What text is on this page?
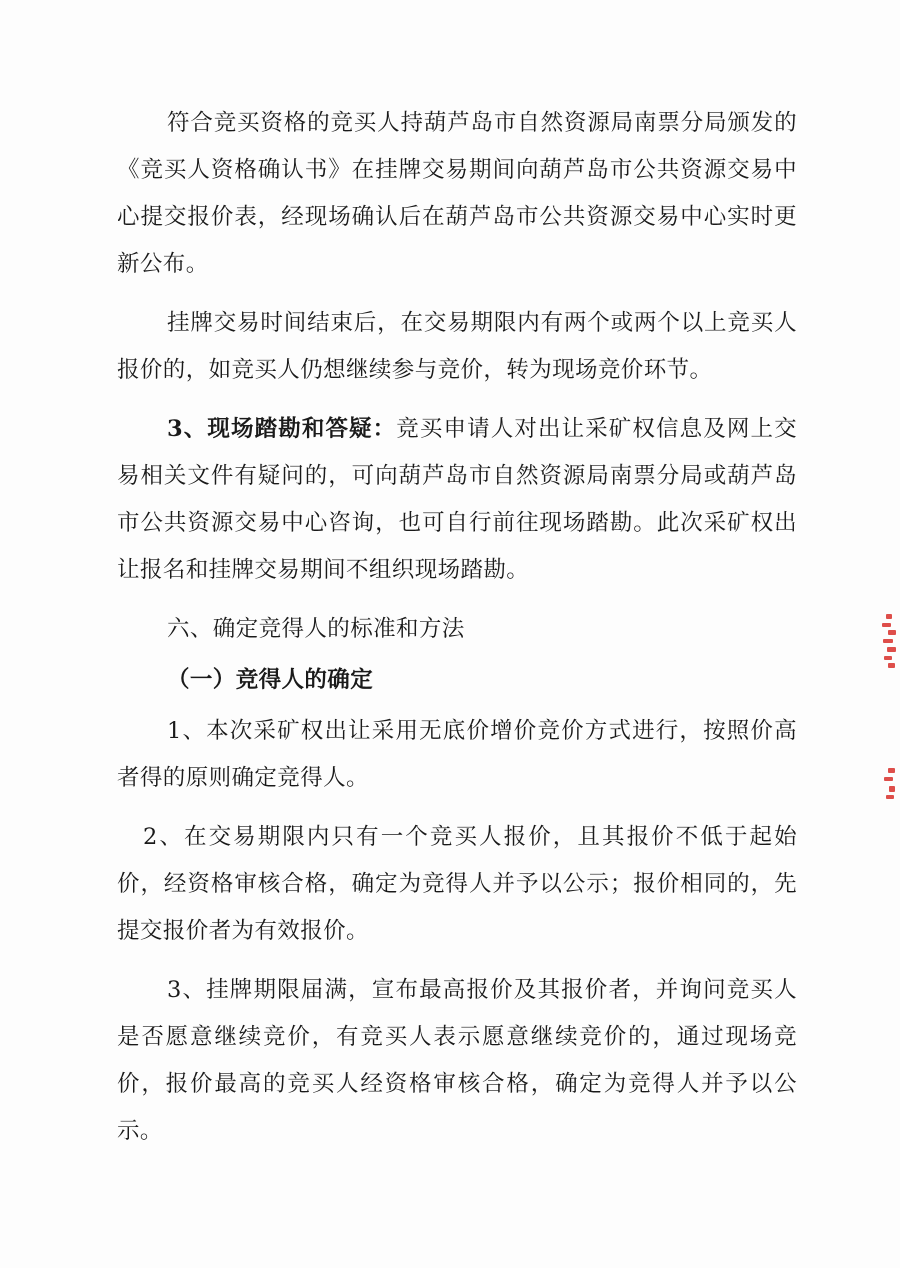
符合竞买资格的竞买人持葫芦岛市自然资源局南票分局颁发的《竞买人资格确认书》在挂牌交易期间向葫芦岛市公共资源交易中心提交报价表，经现场确认后在葫芦岛市公共资源交易中心实时更新公布。

挂牌交易时间结束后，在交易期限内有两个或两个以上竞买人报价的，如竞买人仍想继续参与竞价，转为现场竞价环节。

3、现场踏勘和答疑：竞买申请人对出让采矿权信息及网上交易相关文件有疑问的，可向葫芦岛市自然资源局南票分局或葫芦岛市公共资源交易中心咨询，也可自行前往现场踏勘。此次采矿权出让报名和挂牌交易期间不组织现场踏勘。

六、确定竞得人的标准和方法

（一）竞得人的确定

1、本次采矿权出让采用无底价增价竞价方式进行，按照价高者得的原则确定竞得人。

2、在交易期限内只有一个竞买人报价，且其报价不低于起始价，经资格审核合格，确定为竞得人并予以公示；报价相同的，先提交报价者为有效报价。

3、挂牌期限届满，宣布最高报价及其报价者，并询问竞买人是否愿意继续竞价，有竞买人表示愿意继续竞价的，通过现场竞价，报价最高的竞买人经资格审核合格，确定为竞得人并予以公示。
